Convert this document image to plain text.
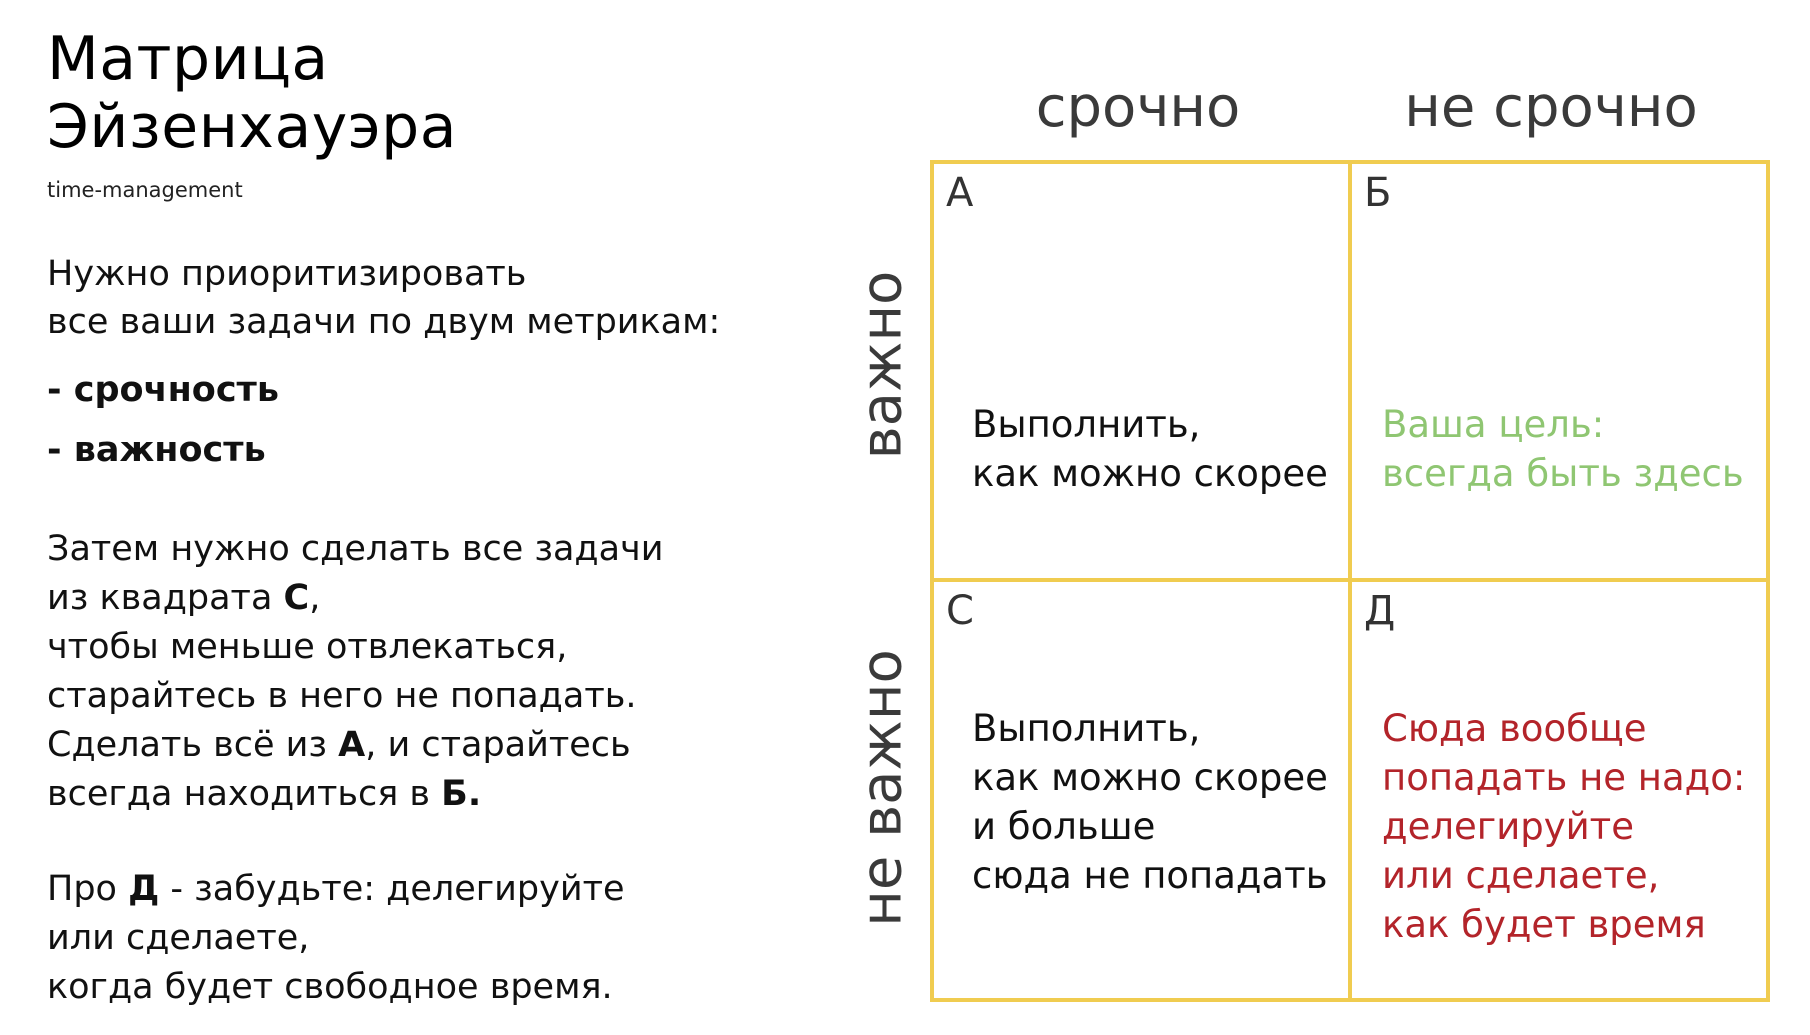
Матрица
Эйзенхауэра
time-management
Нужно приоритизировать
все ваши задачи по двум метрикам:
- срочность
- важность
Затем нужно сделать все задачи
из квадрата С,
чтобы меньше отвлекаться,
старайтесь в него не попадать.
Сделать всё из А, и старайтесь
всегда находиться в Б.
Про Д - забудьте: делегируйте
или сделаете,
когда будет свободное время.
срочно	не срочно
важно
не важно
А
Выполнить,
как можно скорее
Б
Ваша цель:
всегда быть здесь
С
Выполнить,
как можно скорее
и больше
сюда не попадать
Д
Сюда вообще
попадать не надо:
делегируйте
или сделаете,
как будет время
